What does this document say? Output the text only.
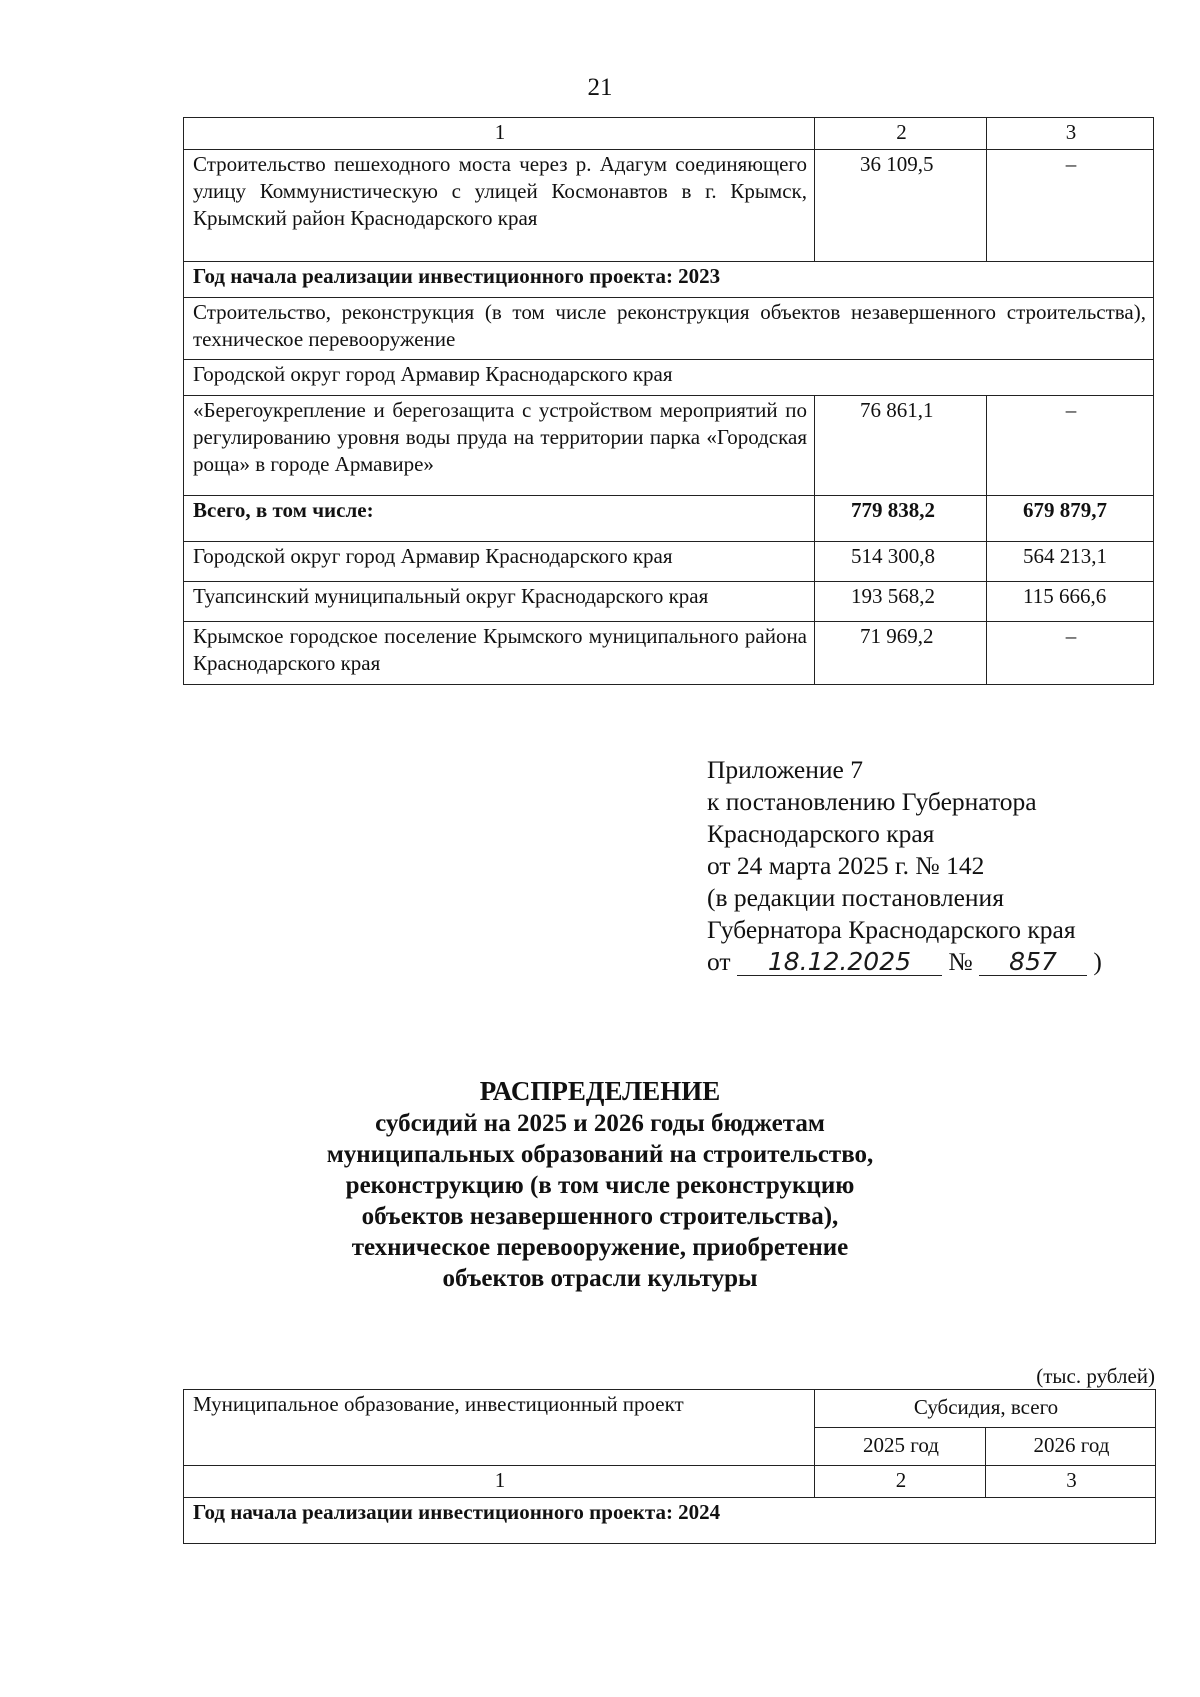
21
1	2	3
Строительство пешеходного моста через р. Адагум соединяющего улицу Коммунистическую с улицей Космонавтов в г. Крымск, Крымский район Краснодарского края	36 109,5	–
Год начала реализации инвестиционного проекта: 2023		
Строительство, реконструкция (в том числе реконструкция объектов незавершенного строительства), техническое перевооружение		
Городской округ город Армавир Краснодарского края		
«Берегоукрепление и берегозащита с устройством мероприятий по регулированию уровня воды пруда на территории парка «Городская роща» в городе Армавире»	76 861,1	–
Всего, в том числе:	779 838,2	679 879,7
Городской округ город Армавир Краснодарского края	514 300,8	564 213,1
Туапсинский муниципальный округ Краснодарского края	193 568,2	115 666,6
Крымское городское поселение Крымского муниципального района Краснодарского края	71 969,2	–
Приложение 7
к постановлению Губернатора
Краснодарского края
от 24 марта 2025 г. № 142
(в редакции постановления
Губернатора Краснодарского края
от 18.12.2025 № 857 )
РАСПРЕДЕЛЕНИЕ
субсидий на 2025 и 2026 годы бюджетам
муниципальных образований на строительство,
реконструкцию (в том числе реконструкцию
объектов незавершенного строительства),
техническое перевооружение, приобретение
объектов отрасли культуры
(тыс. рублей)
Муниципальное образование, инвестиционный проект	Субсидия, всего	
	2025 год	2026 год
1	2	3
Год начала реализации инвестиционного проекта: 2024		
